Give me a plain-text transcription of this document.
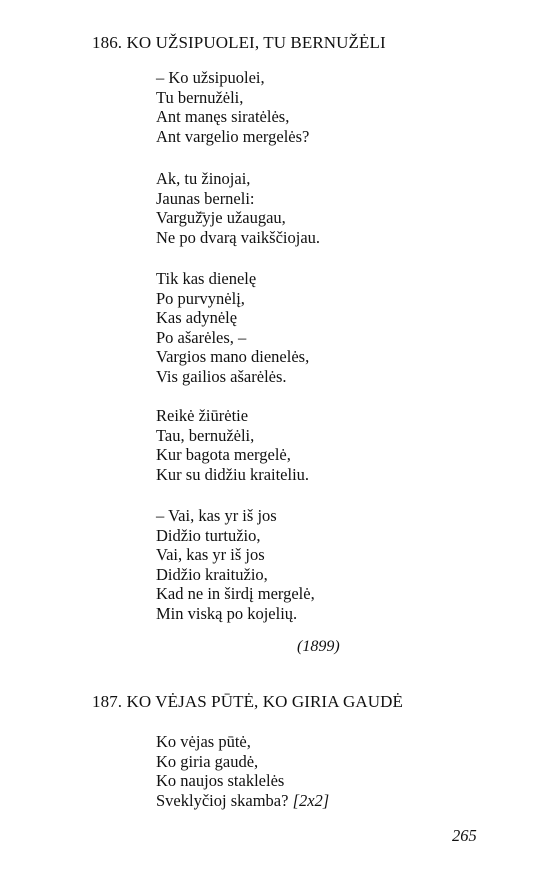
186. KO UŽSIPUOLEI, TU BERNUŽĖLI
– Ko užsipuolei,
Tu bernužėli,
Ant manęs siratėlės,
Ant vargelio mergelės?
Ak, tu žinojai,
Jaunas berneli:
Varguž̄yje užaugau,
Ne po dvarą vaikščiojau.
Tik kas dienelę
Po purvynėlį,
Kas adynėlę
Po ašarėles, –
Vargios mano dienelės,
Vis gailios ašarėlės.
Reikė žiūrėtie
Tau, bernužėli,
Kur bagota mergelė,
Kur su didžiu kraiteliu.
– Vai, kas yr iš jos
Didžio turtužio,
Vai, kas yr iš jos
Didžio kraitužio,
Kad ne in širdį mergelė,
Min viską po kojelių.
(1899)
187. KO VĖJAS PŪTĖ, KO GIRIA GAUDĖ
Ko vėjas pūtė,
Ko giria gaudė,
Ko naujos staklelės
Sveklyčioj skamba? [2x2]
265
